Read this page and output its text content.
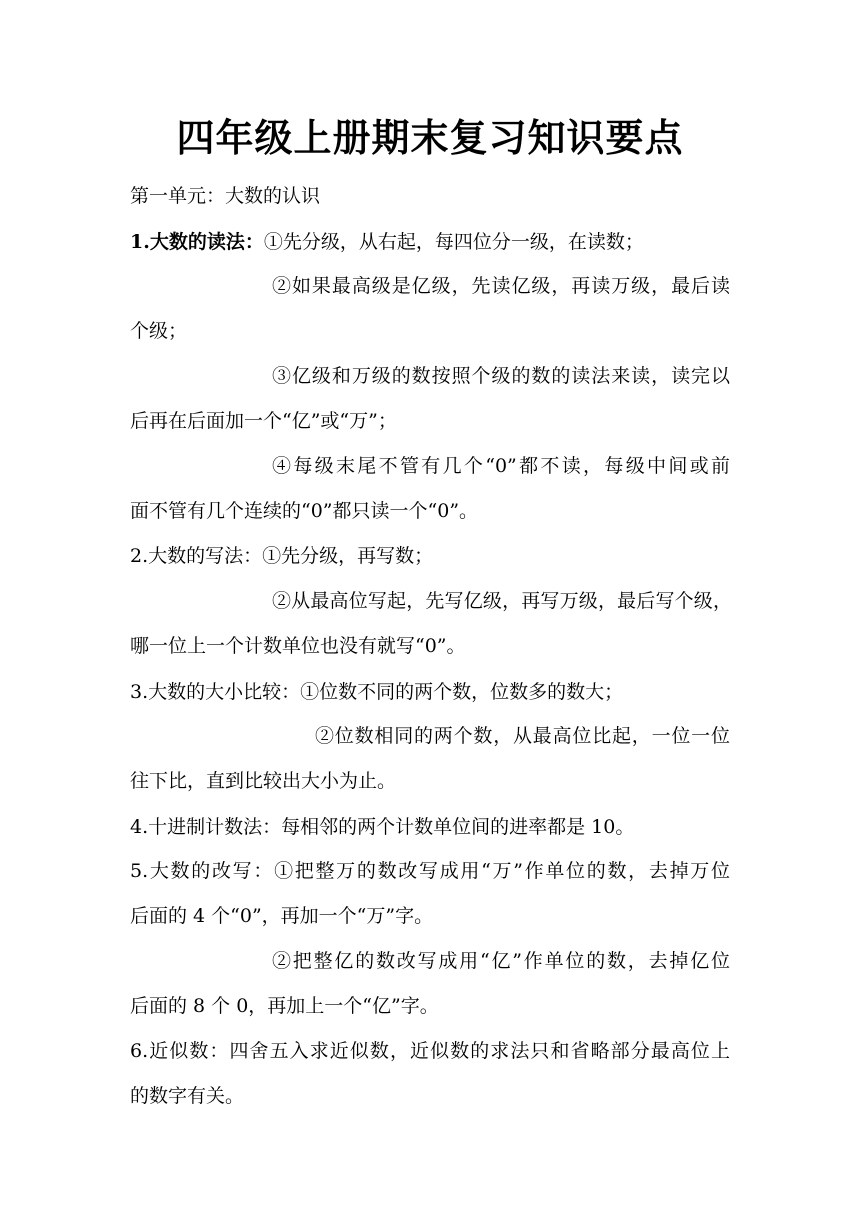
四年级上册期末复习知识要点
第一单元：大数的认识
1.大数的读法：①先分级，从右起，每四位分一级，在读数；
②如果最高级是亿级，先读亿级，再读万级，最后读
个级；
③亿级和万级的数按照个级的数的读法来读，读完以
后再在后面加一个“亿”或“万”；
④每级末尾不管有几个“0”都不读，每级中间或前
面不管有几个连续的“0”都只读一个“0”。
2.大数的写法：①先分级，再写数；
②从最高位写起，先写亿级，再写万级，最后写个级，
哪一位上一个计数单位也没有就写“0”。
3.大数的大小比较：①位数不同的两个数，位数多的数大；
②位数相同的两个数，从最高位比起，一位一位
往下比，直到比较出大小为止。
4.十进制计数法：每相邻的两个计数单位间的进率都是 10。
5.大数的改写：①把整万的数改写成用“万”作单位的数，去掉万位
后面的 4 个“0”，再加一个“万”字。
②把整亿的数改写成用“亿”作单位的数，去掉亿位
后面的 8 个 0，再加上一个“亿”字。
6.近似数：四舍五入求近似数，近似数的求法只和省略部分最高位上
的数字有关。
